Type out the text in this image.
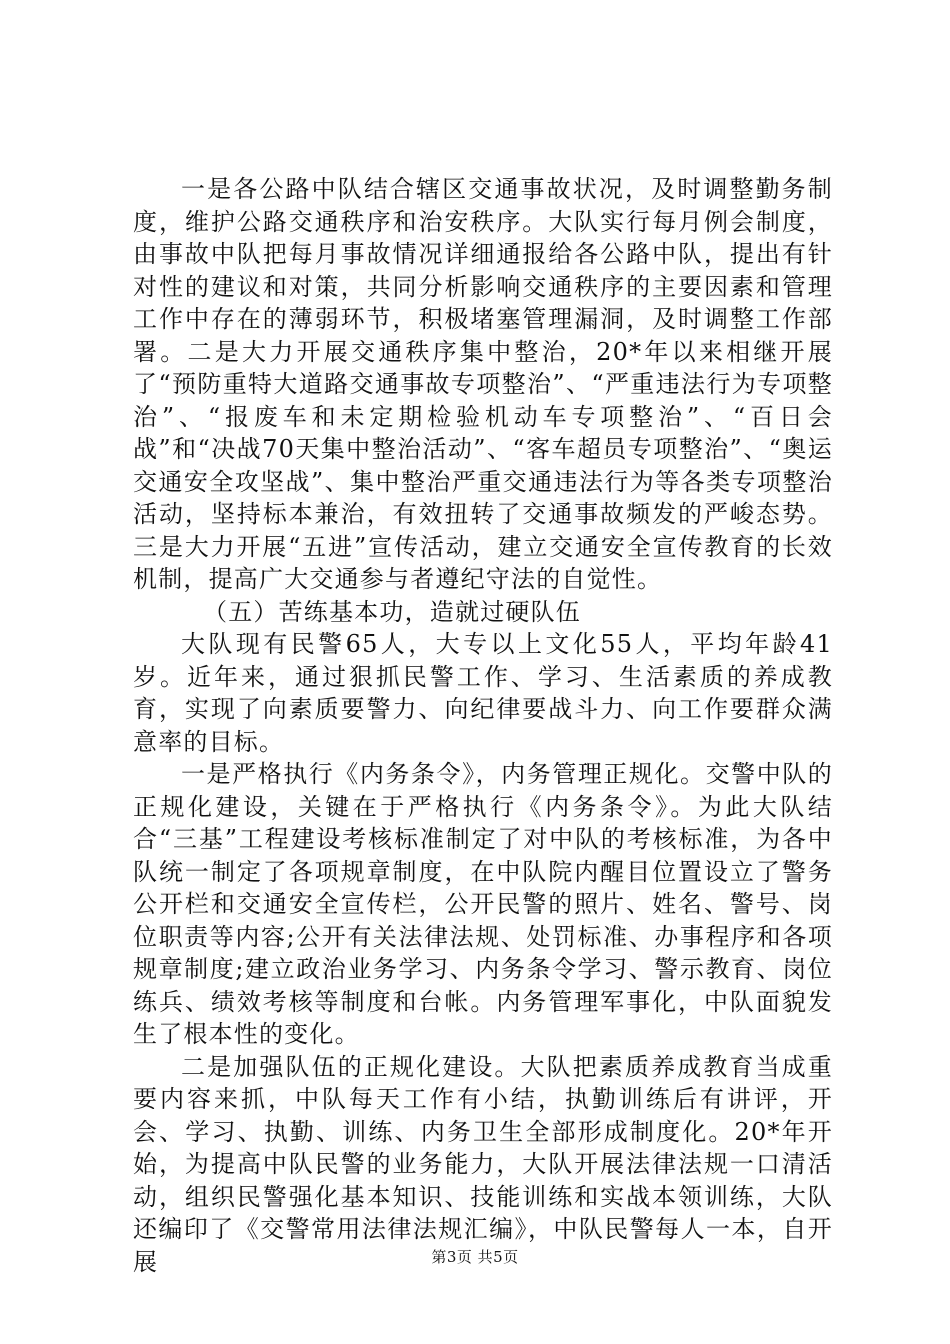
一是各公路中队结合辖区交通事故状况，及时调整勤务制度，维护公路交通秩序和治安秩序。大队实行每月例会制度，由事故中队把每月事故情况详细通报给各公路中队，提出有针对性的建议和对策，共同分析影响交通秩序的主要因素和管理工作中存在的薄弱环节，积极堵塞管理漏洞，及时调整工作部署。二是大力开展交通秩序集中整治，20*年以来相继开展了“预防重特大道路交通事故专项整治”、“严重违法行为专项整治”、“报废车和未定期检验机动车专项整治”、“百日会战”和“决战70天集中整治活动”、“客车超员专项整治”、“奥运交通安全攻坚战”、集中整治严重交通违法行为等各类专项整治活动，坚持标本兼治，有效扭转了交通事故频发的严峻态势。三是大力开展“五进”宣传活动，建立交通安全宣传教育的长效机制，提高广大交通参与者遵纪守法的自觉性。

（五）苦练基本功，造就过硬队伍

大队现有民警65人，大专以上文化55人，平均年龄41岁。近年来，通过狠抓民警工作、学习、生活素质的养成教育，实现了向素质要警力、向纪律要战斗力、向工作要群众满意率的目标。

一是严格执行《内务条令》，内务管理正规化。交警中队的正规化建设，关键在于严格执行《内务条令》。为此大队结合“三基”工程建设考核标准制定了对中队的考核标准，为各中队统一制定了各项规章制度，在中队院内醒目位置设立了警务公开栏和交通安全宣传栏，公开民警的照片、姓名、警号、岗位职责等内容;公开有关法律法规、处罚标准、办事程序和各项规章制度;建立政治业务学习、内务条令学习、警示教育、岗位练兵、绩效考核等制度和台帐。内务管理军事化，中队面貌发生了根本性的变化。

二是加强队伍的正规化建设。大队把素质养成教育当成重要内容来抓，中队每天工作有小结，执勤训练后有讲评，开会、学习、执勤、训练、内务卫生全部形成制度化。20*年开始，为提高中队民警的业务能力，大队开展法律法规一口清活动，组织民警强化基本知识、技能训练和实战本领训练，大队还编印了《交警常用法律法规汇编》，中队民警每人一本，自开展	第3页 共5页
